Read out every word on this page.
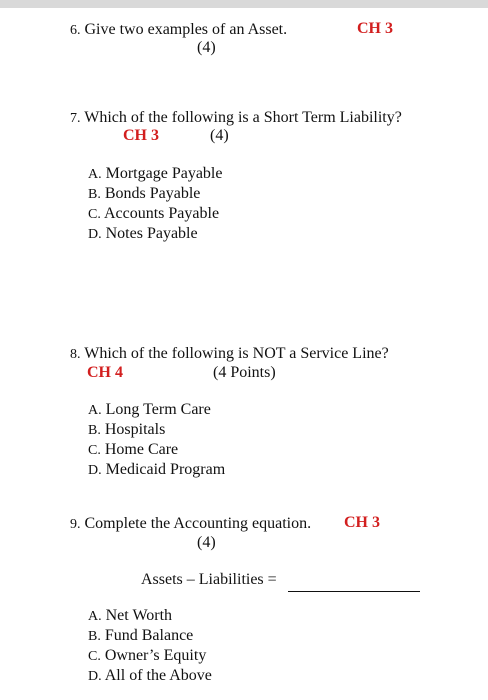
6. Give two examples of an Asset.	CH 3
(4)
7. Which of the following is a Short Term Liability?
CH 3	(4)
A. Mortgage Payable
B. Bonds Payable
C. Accounts Payable
D. Notes Payable
8. Which of the following is NOT a Service Line?
CH 4	(4 Points)
A. Long Term Care
B. Hospitals
C. Home Care
D. Medicaid Program
9. Complete the Accounting equation. CH 3
(4)
Assets – Liabilities =
A. Net Worth
B. Fund Balance
C. Owner’s Equity
D. All of the Above
